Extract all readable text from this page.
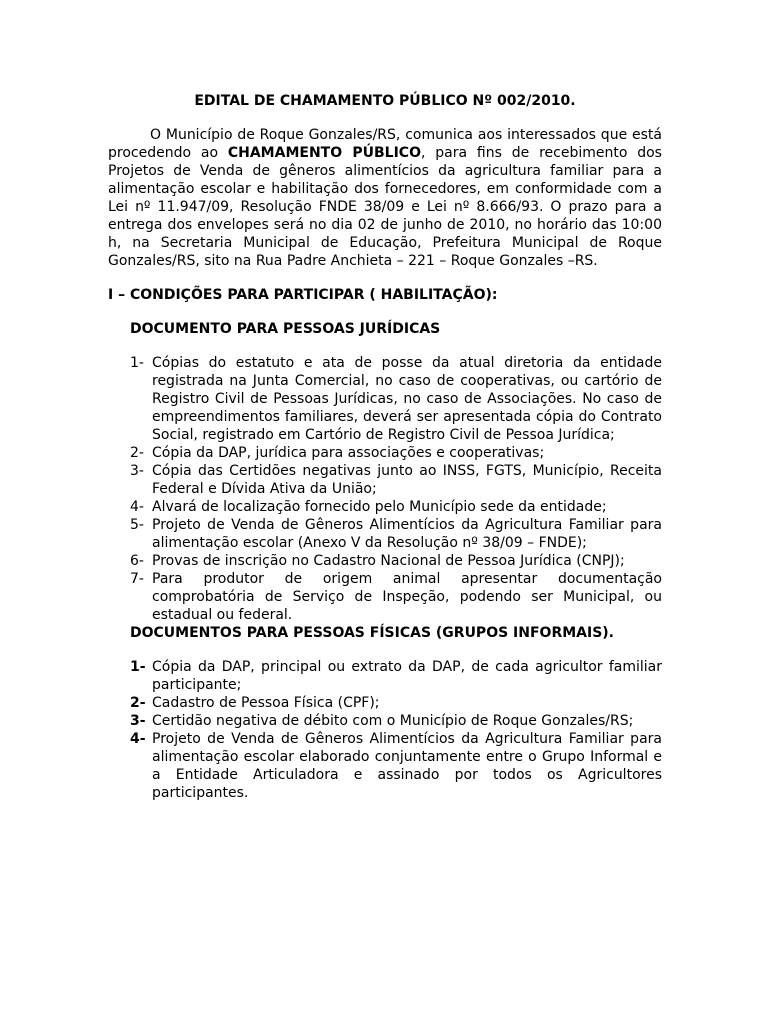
EDITAL DE CHAMAMENTO PÚBLICO Nº 002/2010.

O Município de Roque Gonzales/RS, comunica aos interessados que está procedendo ao CHAMAMENTO PÚBLICO, para fins de recebimento dos Projetos de Venda de gêneros alimentícios da agricultura familiar para a alimentação escolar e habilitação dos fornecedores, em conformidade com a Lei nº 11.947/09, Resolução FNDE 38/09 e Lei nº 8.666/93. O prazo para a entrega dos envelopes será no dia 02 de junho de 2010, no horário das 10:00 h, na Secretaria Municipal de Educação, Prefeitura Municipal de Roque Gonzales/RS, sito na Rua Padre Anchieta – 221 – Roque Gonzales –RS.

I – CONDIÇÕES PARA PARTICIPAR ( HABILITAÇÃO):

DOCUMENTO PARA PESSOAS JURÍDICAS

1- Cópias do estatuto e ata de posse da atual diretoria da entidade registrada na Junta Comercial, no caso de cooperativas, ou cartório de Registro Civil de Pessoas Jurídicas, no caso de Associações. No caso de empreendimentos familiares, deverá ser apresentada cópia do Contrato Social, registrado em Cartório de Registro Civil de Pessoa Jurídica;
2- Cópia da DAP, jurídica para associações e cooperativas;
3- Cópia das Certidões negativas junto ao INSS, FGTS, Município, Receita Federal e Dívida Ativa da União;
4- Alvará de localização fornecido pelo Município sede da entidade;
5- Projeto de Venda de Gêneros Alimentícios da Agricultura Familiar para alimentação escolar (Anexo V da Resolução nº 38/09 – FNDE);
6- Provas de inscrição no Cadastro Nacional de Pessoa Jurídica (CNPJ);
7- Para produtor de origem animal apresentar documentação comprobatória de Serviço de Inspeção, podendo ser Municipal, ou estadual ou federal.

DOCUMENTOS PARA PESSOAS FÍSICAS (GRUPOS INFORMAIS).

1- Cópia da DAP, principal ou extrato da DAP, de cada agricultor familiar participante;
2- Cadastro de Pessoa Física (CPF);
3- Certidão negativa de débito com o Município de Roque Gonzales/RS;
4- Projeto de Venda de Gêneros Alimentícios da Agricultura Familiar para alimentação escolar elaborado conjuntamente entre o Grupo Informal e a Entidade Articuladora e assinado por todos os Agricultores participantes.
